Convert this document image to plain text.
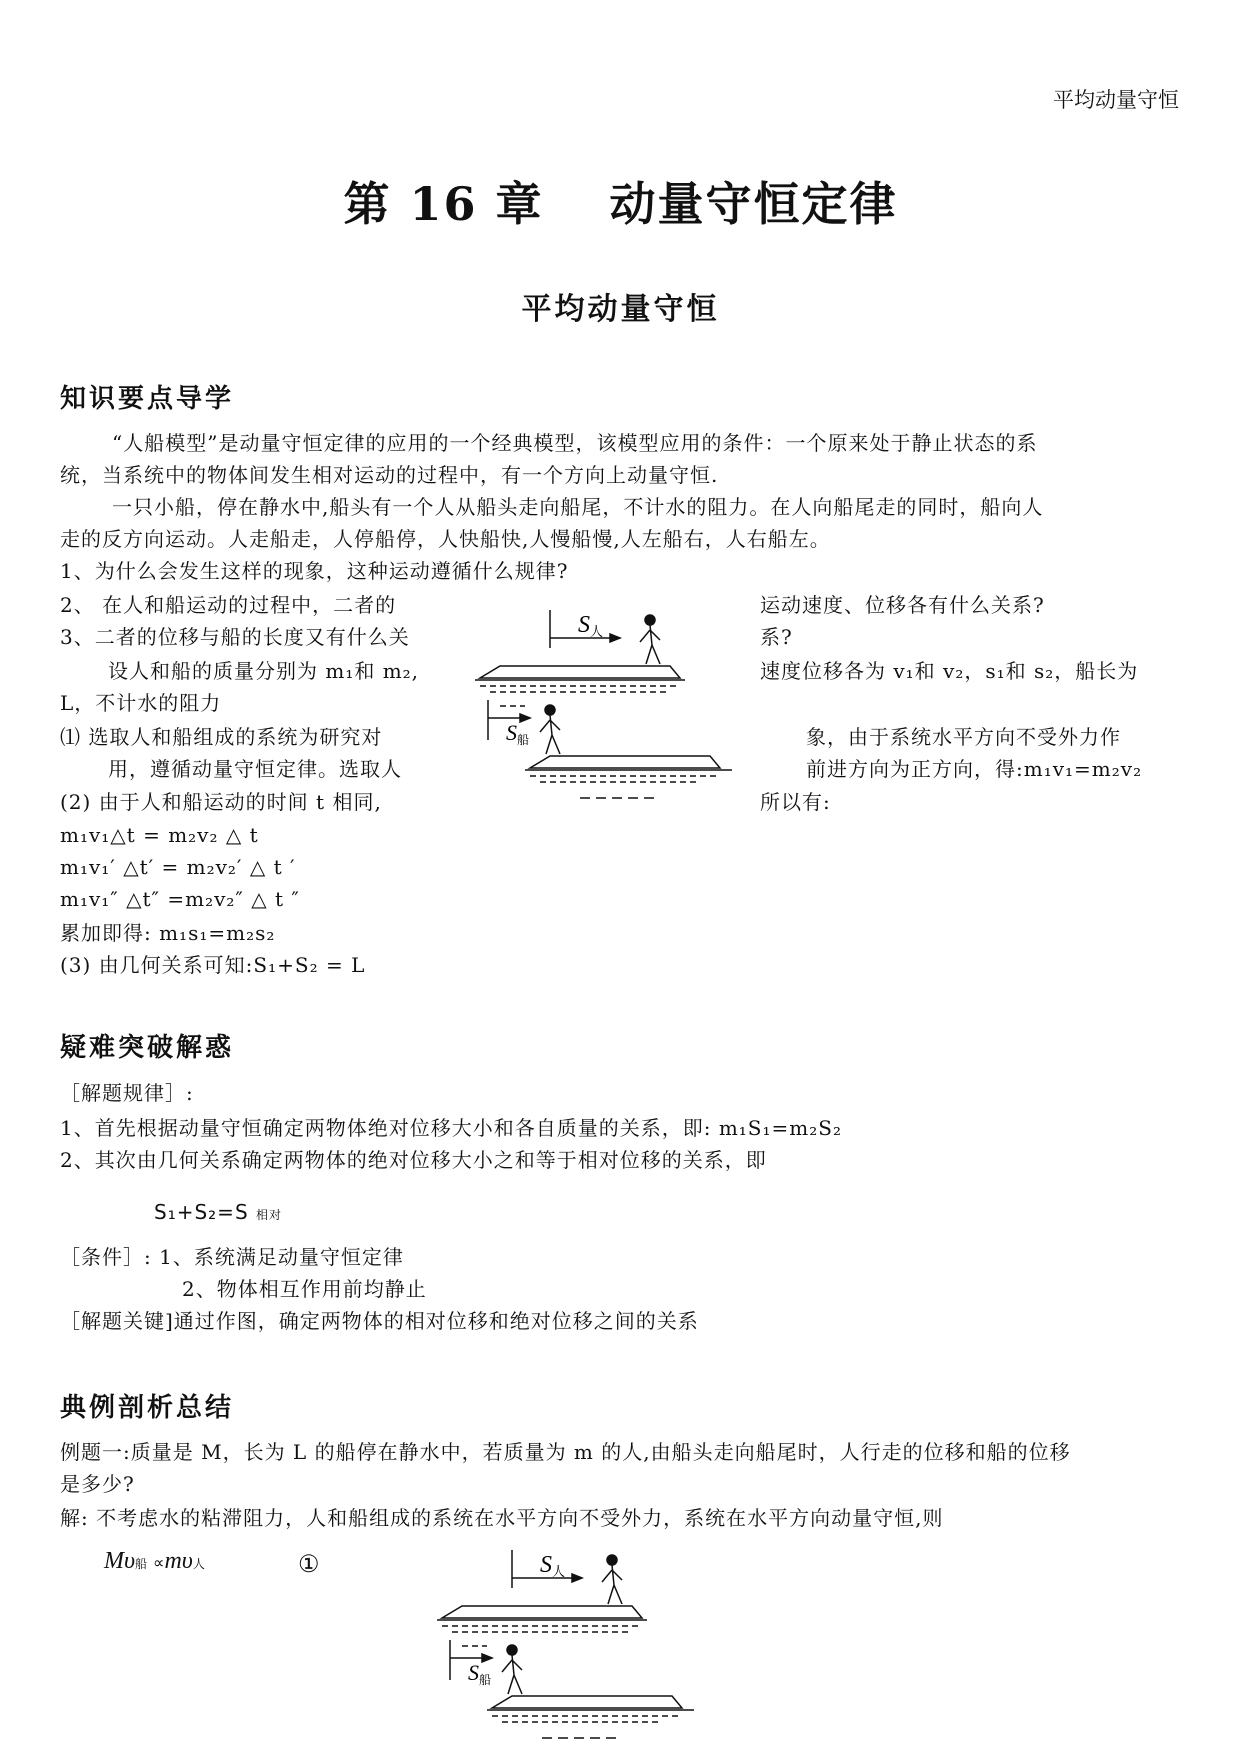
平均动量守恒
第 16 章　 动量守恒定律
平均动量守恒
知识要点导学
“人船模型”是动量守恒定律的应用的一个经典模型，该模型应用的条件：一个原来处于静止状态的系
统，当系统中的物体间发生相对运动的过程中，有一个方向上动量守恒.
一只小船，停在静水中,船头有一个人从船头走向船尾，不计水的阻力。在人向船尾走的同时，船向人
走的反方向运动。人走船走，人停船停，人快船快,人慢船慢,人左船右，人右船左。
1、为什么会发生这样的现象，这种运动遵循什么规律?
2、 在人和船运动的过程中，二者的	运动速度、位移各有什么关系?
3、二者的位移与船的长度又有什么关	系?
设人和船的质量分别为 m₁和 m₂,	速度位移各为 v₁和 v₂，s₁和 s₂，船长为
L，不计水的阻力
⑴ 选取人和船组成的系统为研究对	象，由于系统水平方向不受外力作
用，遵循动量守恒定律。选取人	前进方向为正方向，得:m₁v₁=m₂v₂
(2) 由于人和船运动的时间 t 相同,	所以有:
m₁v₁△t = m₂v₂ △ t
m₁v₁′ △t′ = m₂v₂′ △ t ′
m₁v₁″ △t″ =m₂v₂″ △ t ″
累加即得: m₁s₁=m₂s₂
(3) 由几何关系可知:S₁+S₂ = L
S人
S船
疑难突破解惑
［解题规律］:
1、首先根据动量守恒确定两物体绝对位移大小和各自质量的关系，即: m₁S₁=m₂S₂
2、其次由几何关系确定两物体的绝对位移大小之和等于相对位移的关系，即
S₁+S₂=S 相对
［条件］: 1、系统满足动量守恒定律
2、物体相互作用前均静止
［解题关键]通过作图，确定两物体的相对位移和绝对位移之间的关系
典例剖析总结
例题一:质量是 M，长为 L 的船停在静水中，若质量为 m 的人,由船头走向船尾时，人行走的位移和船的位移
是多少?
解: 不考虑水的粘滞阻力，人和船组成的系统在水平方向不受外力，系统在水平方向动量守恒,则
Mυ船 ∝mυ人	①	S人
S船
